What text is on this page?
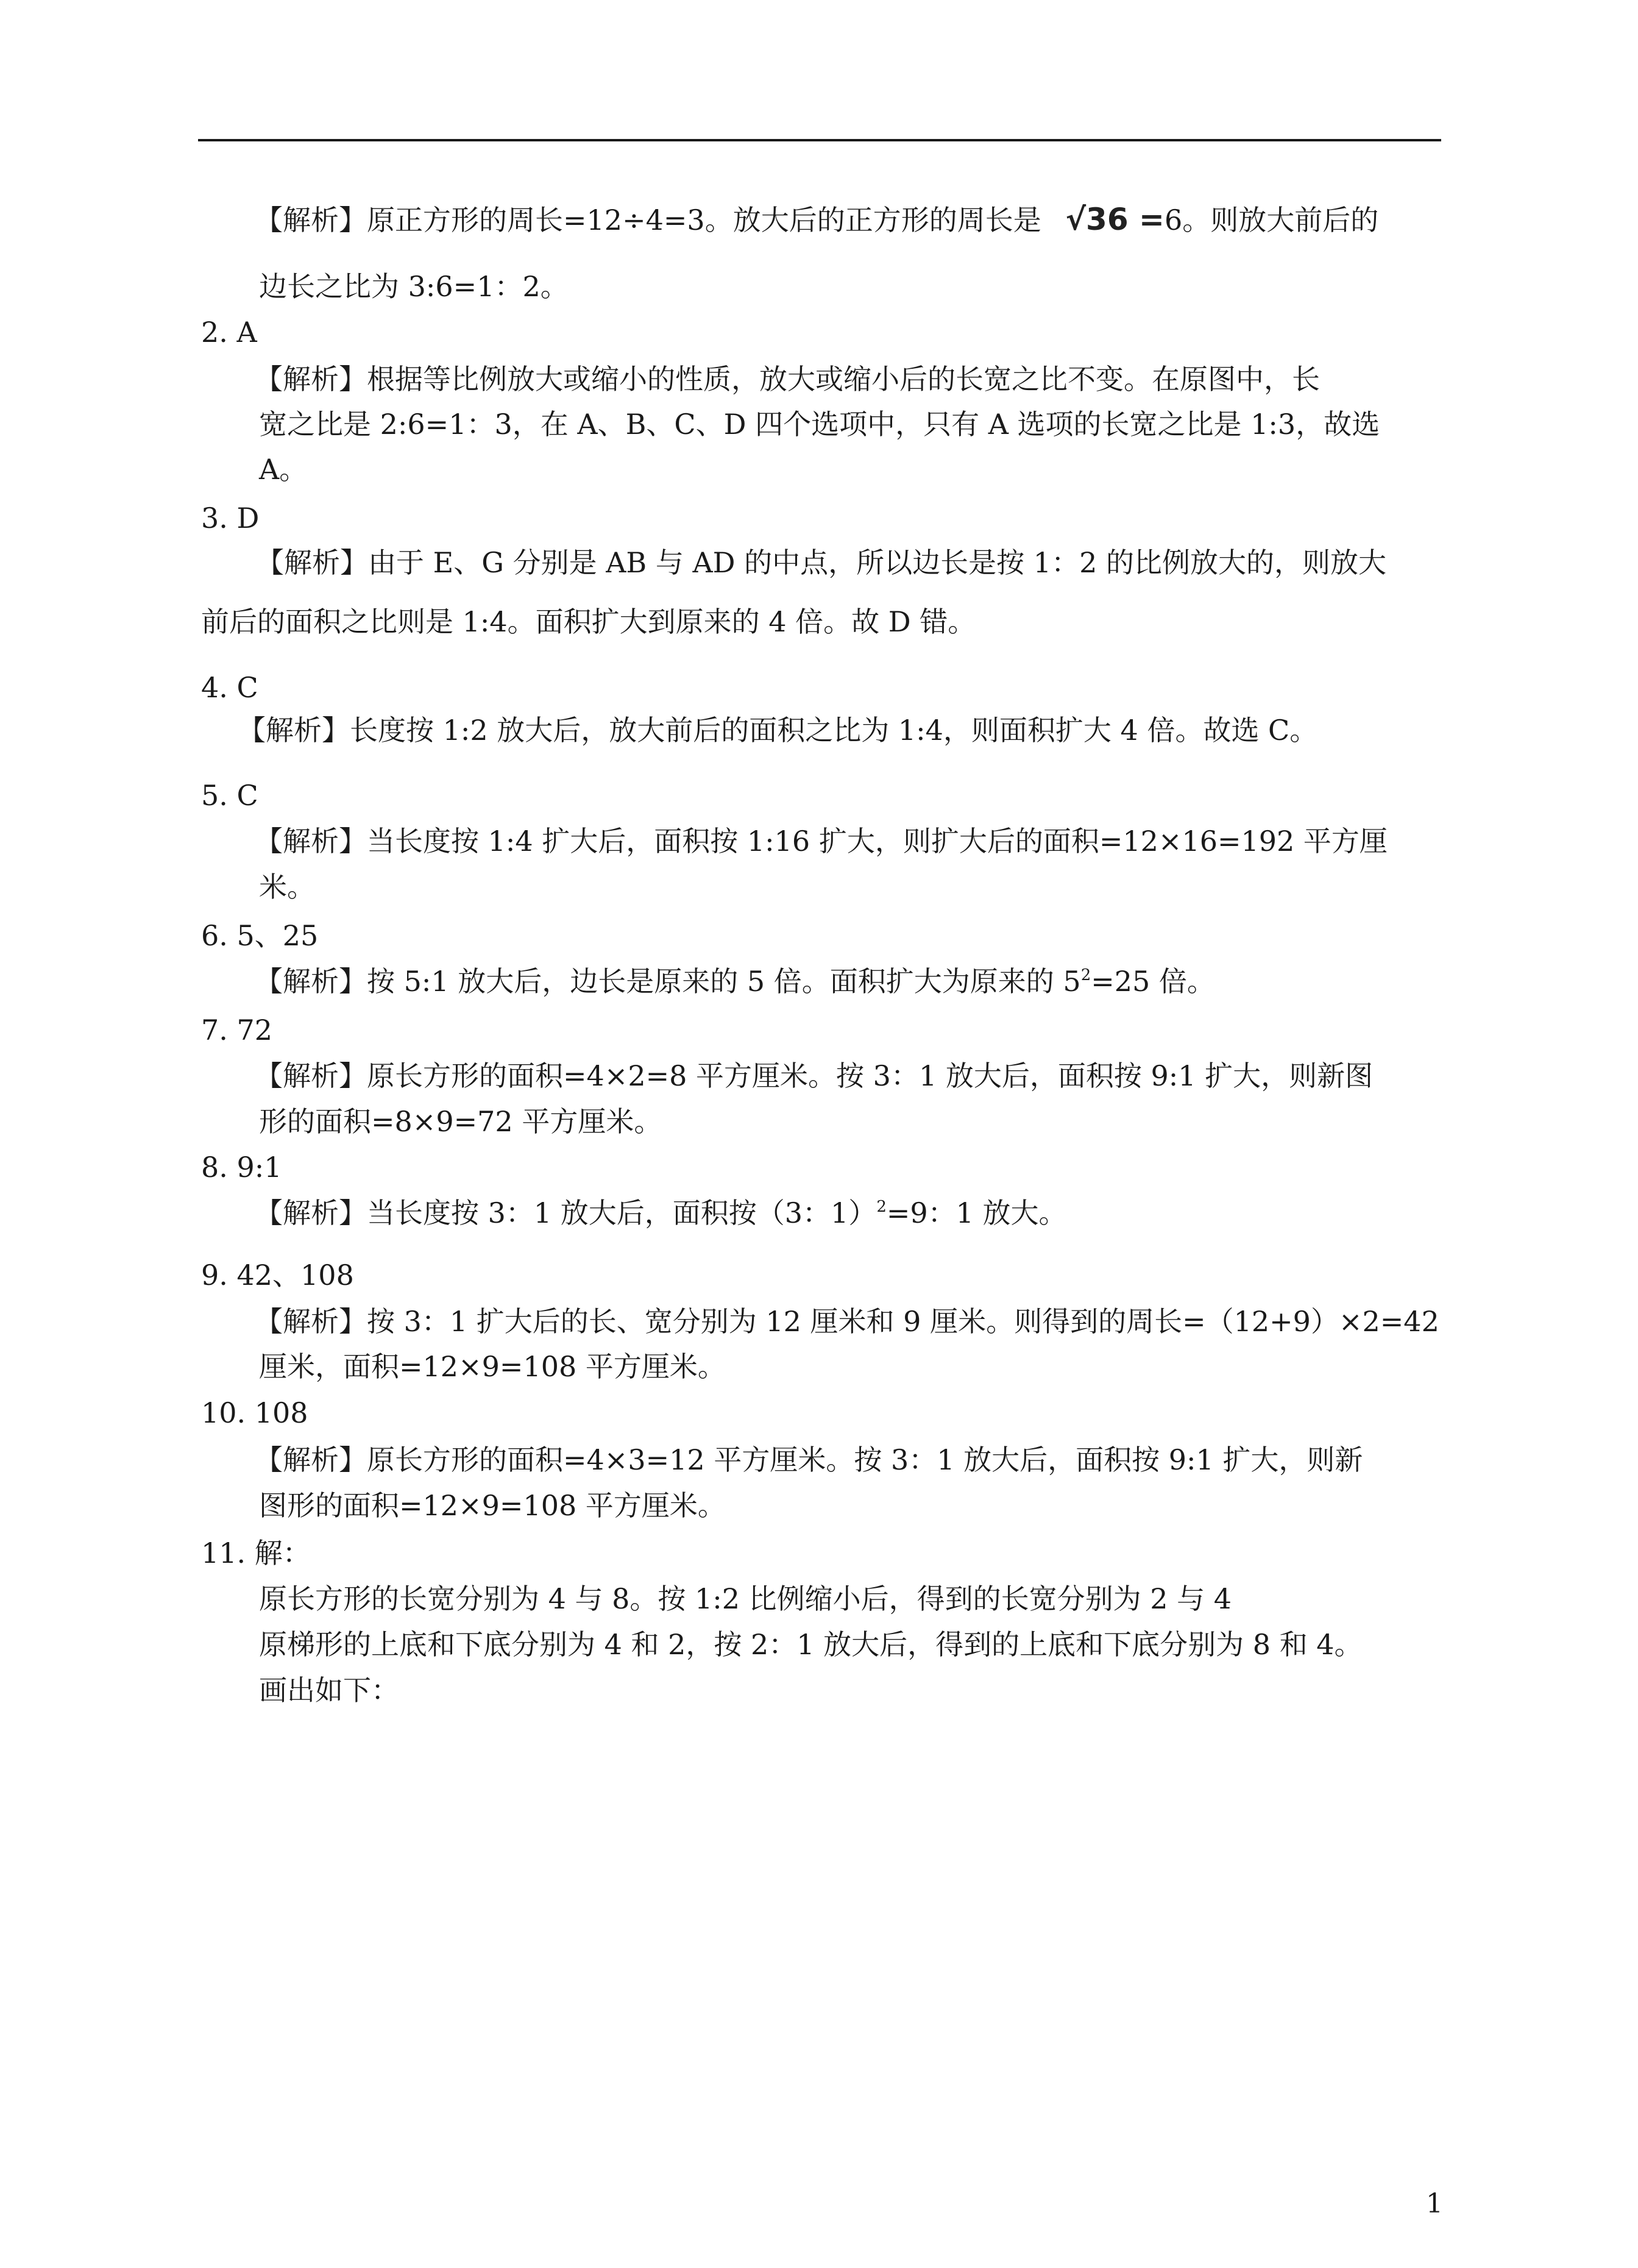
【解析】原正方形的周长=12÷4=3。放大后的正方形的周长是 √36 =6。则放大前后的
边长之比为 3:6=1：2。
2. A
【解析】根据等比例放大或缩小的性质，放大或缩小后的长宽之比不变。在原图中，长
宽之比是 2:6=1：3，在 A、B、C、D 四个选项中，只有 A 选项的长宽之比是 1:3，故选
A。
3. D
【解析】由于 E、G 分别是 AB 与 AD 的中点，所以边长是按 1：2 的比例放大的，则放大
前后的面积之比则是 1:4。面积扩大到原来的 4 倍。故 D 错。
4. C
【解析】长度按 1:2 放大后，放大前后的面积之比为 1:4，则面积扩大 4 倍。故选 C。
5. C
【解析】当长度按 1:4 扩大后，面积按 1:16 扩大，则扩大后的面积=12×16=192 平方厘
米。
6. 5、25
【解析】按 5:1 放大后，边长是原来的 5 倍。面积扩大为原来的 $5^2=25$ 倍。
7. 72
【解析】原长方形的面积=4×2=8 平方厘米。按 3：1 放大后，面积按 9:1 扩大，则新图
形的面积=8×9=72 平方厘米。
8. 9:1
【解析】当长度按 3：1 放大后，面积按（3：1）$^2$=9：1 放大。
9. 42、108
【解析】按 3：1 扩大后的长、宽分别为 12 厘米和 9 厘米。则得到的周长=（12+9）×2=42
厘米，面积=12×9=108 平方厘米。
10. 108
【解析】原长方形的面积=4×3=12 平方厘米。按 3：1 放大后，面积按 9:1 扩大，则新
图形的面积=12×9=108 平方厘米。
11. 解：
原长方形的长宽分别为 4 与 8。按 1:2 比例缩小后，得到的长宽分别为 2 与 4
原梯形的上底和下底分别为 4 和 2，按 2：1 放大后，得到的上底和下底分别为 8 和 4。
画出如下：
1
